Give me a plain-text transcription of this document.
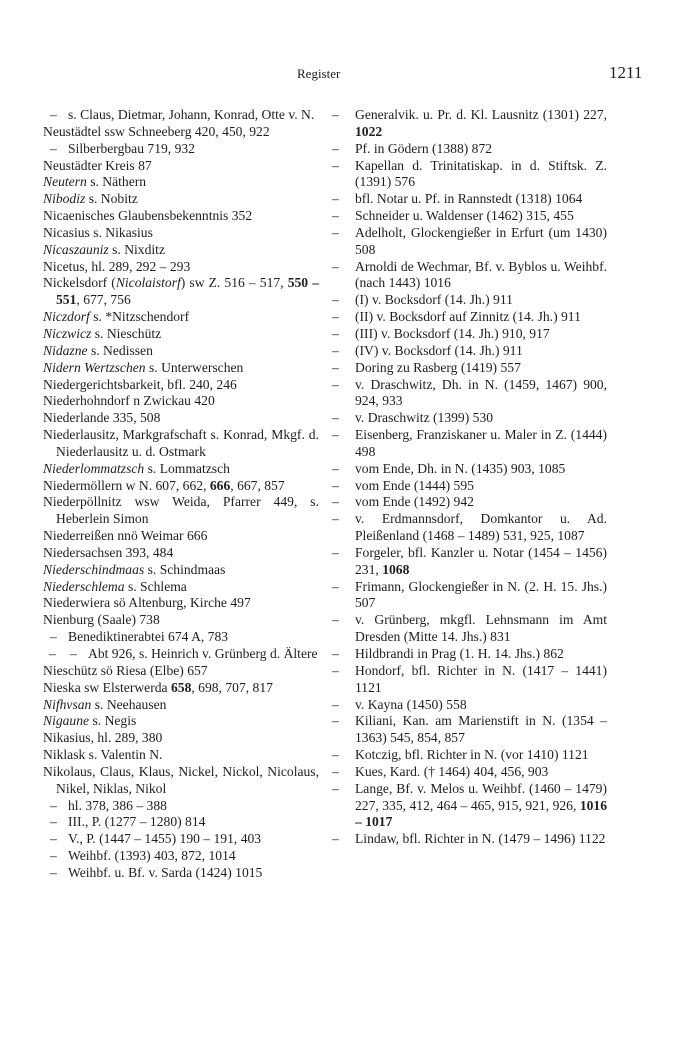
Register	1211
– s. Claus, Dietmar, Johann, Konrad, Otte v. N.
Neustädtel ssw Schneeberg 420, 450, 922
– Silberbergbau 719, 932
Neustädter Kreis 87
Neutern s. Näthern
Nibodiz s. Nobitz
Nicaenisches Glaubensbekenntnis 352
Nicasius s. Nikasius
Nicaszauniz s. Nixditz
Nicetus, hl. 289, 292 – 293
Nickelsdorf (Nicolaistorf) sw Z. 516 – 517, 550 – 551, 677, 756
Niczdorf s. *Nitzschendorf
Niczwicz s. Nieschütz
Nidazne s. Nedissen
Nidern Wertzschen s. Unterwerschen
Niedergerichtsbarkeit, bfl. 240, 246
Niederhohndorf n Zwickau 420
Niederlande 335, 508
Niederlausitz, Markgrafschaft s. Konrad, Mkgf. d. Niederlausitz u. d. Ostmark
Niederlommatzsch s. Lommatzsch
Niedermöllern w N. 607, 662, 666, 667, 857
Niederpöllnitz wsw Weida, Pfarrer 449, s. Heberlein Simon
Niederreißen nnö Weimar 666
Niedersachsen 393, 484
Niederschindmaas s. Schindmaas
Niederschlema s. Schlema
Niederwiera sö Altenburg, Kirche 497
Nienburg (Saale) 738
– Benediktinerabtei 674 A, 783
– – Abt 926, s. Heinrich v. Grünberg d. Ältere
Nieschütz sö Riesa (Elbe) 657
Nieska sw Elsterwerda 658, 698, 707, 817
Nifhvsan s. Neehausen
Nigaune s. Negis
Nikasius, hl. 289, 380
Niklask s. Valentin N.
Nikolaus, Claus, Klaus, Nickel, Nickol, Nicolaus, Nikel, Niklas, Nikol
– hl. 378, 386 – 388
– III., P. (1277 – 1280) 814
– V., P. (1447 – 1455) 190 – 191, 403
– Weihbf. (1393) 403, 872, 1014
– Weihbf. u. Bf. v. Sarda (1424) 1015
– Generalvik. u. Pr. d. Kl. Lausnitz (1301) 227, 1022
– Pf. in Gödern (1388) 872
– Kapellan d. Trinitatiskap. in d. Stiftsk. Z. (1391) 576
– bfl. Notar u. Pf. in Rannstedt (1318) 1064
– Schneider u. Waldenser (1462) 315, 455
– Adelholt, Glockengießer in Erfurt (um 1430) 508
– Arnoldi de Wechmar, Bf. v. Byblos u. Weihbf. (nach 1443) 1016
– (I) v. Bocksdorf (14. Jh.) 911
– (II) v. Bocksdorf auf Zinnitz (14. Jh.) 911
– (III) v. Bocksdorf (14. Jh.) 910, 917
– (IV) v. Bocksdorf (14. Jh.) 911
– Doring zu Rasberg (1419) 557
– v. Draschwitz, Dh. in N. (1459, 1467) 900, 924, 933
– v. Draschwitz (1399) 530
– Eisenberg, Franziskaner u. Maler in Z. (1444) 498
– vom Ende, Dh. in N. (1435) 903, 1085
– vom Ende (1444) 595
– vom Ende (1492) 942
– v. Erdmannsdorf, Domkantor u. Ad. Pleißenland (1468 – 1489) 531, 925, 1087
– Forgeler, bfl. Kanzler u. Notar (1454 – 1456) 231, 1068
– Frimann, Glockengießer in N. (2. H. 15. Jhs.) 507
– v. Grünberg, mkgfl. Lehnsmann im Amt Dresden (Mitte 14. Jhs.) 831
– Hildbrandi in Prag (1. H. 14. Jhs.) 862
– Hondorf, bfl. Richter in N. (1417 – 1441) 1121
– v. Kayna (1450) 558
– Kiliani, Kan. am Marienstift in N. (1354 – 1363) 545, 854, 857
– Kotczig, bfl. Richter in N. (vor 1410) 1121
– Kues, Kard. († 1464) 404, 456, 903
– Lange, Bf. v. Melos u. Weihbf. (1460 – 1479) 227, 335, 412, 464 – 465, 915, 921, 926, 1016 – 1017
– Lindaw, bfl. Richter in N. (1479 – 1496) 1122
